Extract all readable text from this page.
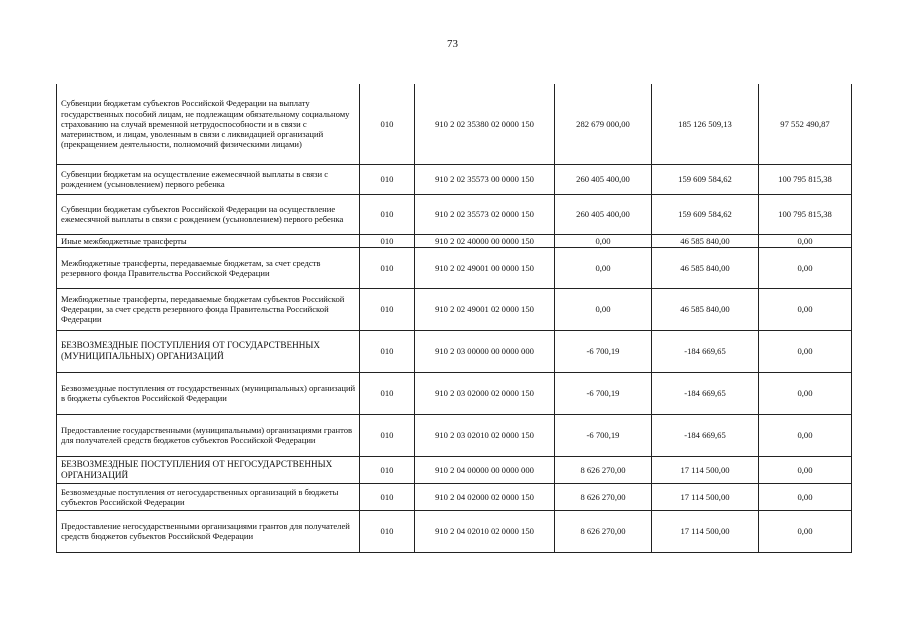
73
Субвенции бюджетам субъектов Российской Федерации на выплату государственных пособий лицам, не подлежащим обязательному социальному страхованию на случай временной нетрудоспособности и в связи с материнством, и лицам, уволенным в связи с ликвидацией организаций (прекращением деятельности, полномочий физическими лицами)	010	910 2 02 35380 02 0000 150	282 679 000,00	185 126 509,13	97 552 490,87

Субвенции бюджетам на осуществление ежемесячной выплаты в связи с рождением (усыновлением) первого ребенка	010	910 2 02 35573 00 0000 150	260 405 400,00	159 609 584,62	100 795 815,38

Субвенции бюджетам субъектов Российской Федерации на осуществление ежемесячной выплаты в связи с рождением (усыновлением) первого ребенка	010	910 2 02 35573 02 0000 150	260 405 400,00	159 609 584,62	100 795 815,38

Иные межбюджетные трансферты	010	910 2 02 40000 00 0000 150	0,00	46 585 840,00	0,00

Межбюджетные трансферты, передаваемые бюджетам, за счет средств резервного фонда Правительства Российской Федерации	010	910 2 02 49001 00 0000 150	0,00	46 585 840,00	0,00

Межбюджетные трансферты, передаваемые бюджетам субъектов Российской Федерации, за счет средств резервного фонда Правительства Российской Федерации	010	910 2 02 49001 02 0000 150	0,00	46 585 840,00	0,00

БЕЗВОЗМЕЗДНЫЕ ПОСТУПЛЕНИЯ ОТ ГОСУДАРСТВЕННЫХ (МУНИЦИПАЛЬНЫХ) ОРГАНИЗАЦИЙ	010	910 2 03 00000 00 0000 000	-6 700,19	-184 669,65	0,00

Безвозмездные поступления от государственных (муниципальных) организаций в бюджеты субъектов Российской Федерации	010	910 2 03 02000 02 0000 150	-6 700,19	-184 669,65	0,00

Предоставление государственными (муниципальными) организациями грантов для получателей средств бюджетов субъектов Российской Федерации	010	910 2 03 02010 02 0000 150	-6 700,19	-184 669,65	0,00

БЕЗВОЗМЕЗДНЫЕ ПОСТУПЛЕНИЯ ОТ НЕГОСУДАРСТВЕННЫХ ОРГАНИЗАЦИЙ	010	910 2 04 00000 00 0000 000	8 626 270,00	17 114 500,00	0,00

Безвозмездные поступления от негосударственных организаций в бюджеты субъектов Российской Федерации	010	910 2 04 02000 02 0000 150	8 626 270,00	17 114 500,00	0,00

Предоставление негосударственными организациями грантов для получателей средств бюджетов субъектов Российской Федерации	010	910 2 04 02010 02 0000 150	8 626 270,00	17 114 500,00	0,00
